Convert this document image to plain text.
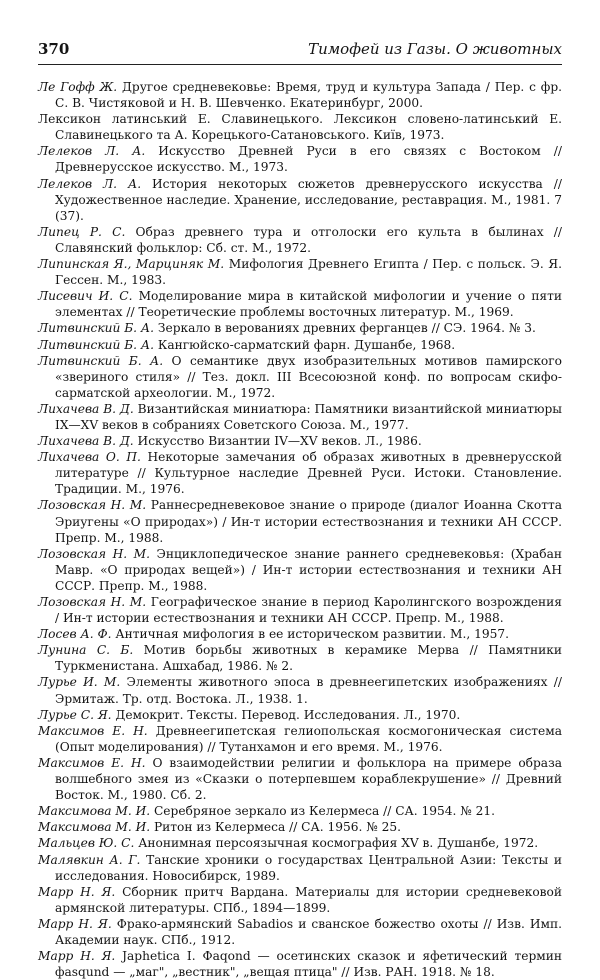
370	Тимофей из Газы. О животных
Ле Гофф Ж. Другое средневековье: Время, труд и культура Запада / Пер. с фр. С. В. Чистяковой и Н. В. Шевченко. Екатеринбург, 2000.
Лексикон латинський Е. Славинецького. Лексикон словено-латинський Е. Славинецького та А. Корецького-Сатановського. Київ, 1973.
Лелеков Л. А. Искусство Древней Руси в его связях с Востоком // Древнерусское искусство. М., 1973.
Лелеков Л. А. История некоторых сюжетов древнерусского искусства // Художественное наследие. Хранение, исследование, реставрация. М., 1981. 7 (37).
Липец Р. С. Образ древнего тура и отголоски его культа в былинах // Славянский фольклор: Сб. ст. М., 1972.
Липинская Я., Марциняк М. Мифология Древнего Египта / Пер. с польск. Э. Я. Гессен. М., 1983.
Лисевич И. С. Моделирование мира в китайской мифологии и учение о пяти элементах // Теоретические проблемы восточных литератур. М., 1969.
Литвинский Б. А. Зеркало в верованиях древних ферганцев // СЭ. 1964. № 3.
Литвинский Б. А. Кангюйско-сарматский фарн. Душанбе, 1968.
Литвинский Б. А. О семантике двух изобразительных мотивов памирского «звериного стиля» // Тез. докл. III Всесоюзной конф. по вопросам скифо-сарматской археологии. М., 1972.
Лихачева В. Д. Византийская миниатюра: Памятники византийской миниатюры IX—XV веков в собраниях Советского Союза. М., 1977.
Лихачева В. Д. Искусство Византии IV—XV веков. Л., 1986.
Лихачева О. П. Некоторые замечания об образах животных в древнерусской литературе // Культурное наследие Древней Руси. Истоки. Становление. Традиции. М., 1976.
Лозовская Н. М. Раннесредневековое знание о природе (диалог Иоанна Скотта Эриугены «О природах») / Ин-т истории естествознания и техники АН СССР. Препр. М., 1988.
Лозовская Н. М. Энциклопедическое знание раннего средневековья: (Храбан Мавр. «О природах вещей») / Ин-т истории естествознания и техники АН СССР. Препр. М., 1988.
Лозовская Н. М. Географическое знание в период Каролингского возрождения / Ин-т истории естествознания и техники АН СССР. Препр. М., 1988.
Лосев А. Ф. Античная мифология в ее историческом развитии. М., 1957.
Лунина С. Б. Мотив борьбы животных в керамике Мерва // Памятники Туркменистана. Ашхабад, 1986. № 2.
Лурье И. М. Элементы животного эпоса в древнеегипетских изображениях // Эрмитаж. Тр. отд. Востока. Л., 1938. 1.
Лурье С. Я. Демокрит. Тексты. Перевод. Исследования. Л., 1970.
Максимов Е. Н. Древнеегипетская гелиопольская космогоническая система (Опыт моделирования) // Тутанхамон и его время. М., 1976.
Максимов Е. Н. О взаимодействии религии и фольклора на примере образа волшебного змея из «Сказки о потерпевшем кораблекрушение» // Древний Восток. М., 1980. Сб. 2.
Максимова М. И. Серебряное зеркало из Келермеса // СА. 1954. № 21.
Максимова М. И. Ритон из Келермеса // СА. 1956. № 25.
Мальцев Ю. С. Анонимная персоязычная космография XV в. Душанбе, 1972.
Малявкин А. Г. Танские хроники о государствах Центральной Азии: Тексты и исследования. Новосибирск, 1989.
Марр Н. Я. Сборник притч Вардана. Материалы для истории средневековой армянской литературы. СПб., 1894—1899.
Марр Н. Я. Фрако-армянский Sabadios и сванское божество охоты // Изв. Имп. Академии наук. СПб., 1912.
Марр Н. Я. Japhetica I. Фaqond — осетинских сказок и яфетический термин фasqund — „маг", „вестник", „вещая птица" // Изв. РАН. 1918. № 18.
